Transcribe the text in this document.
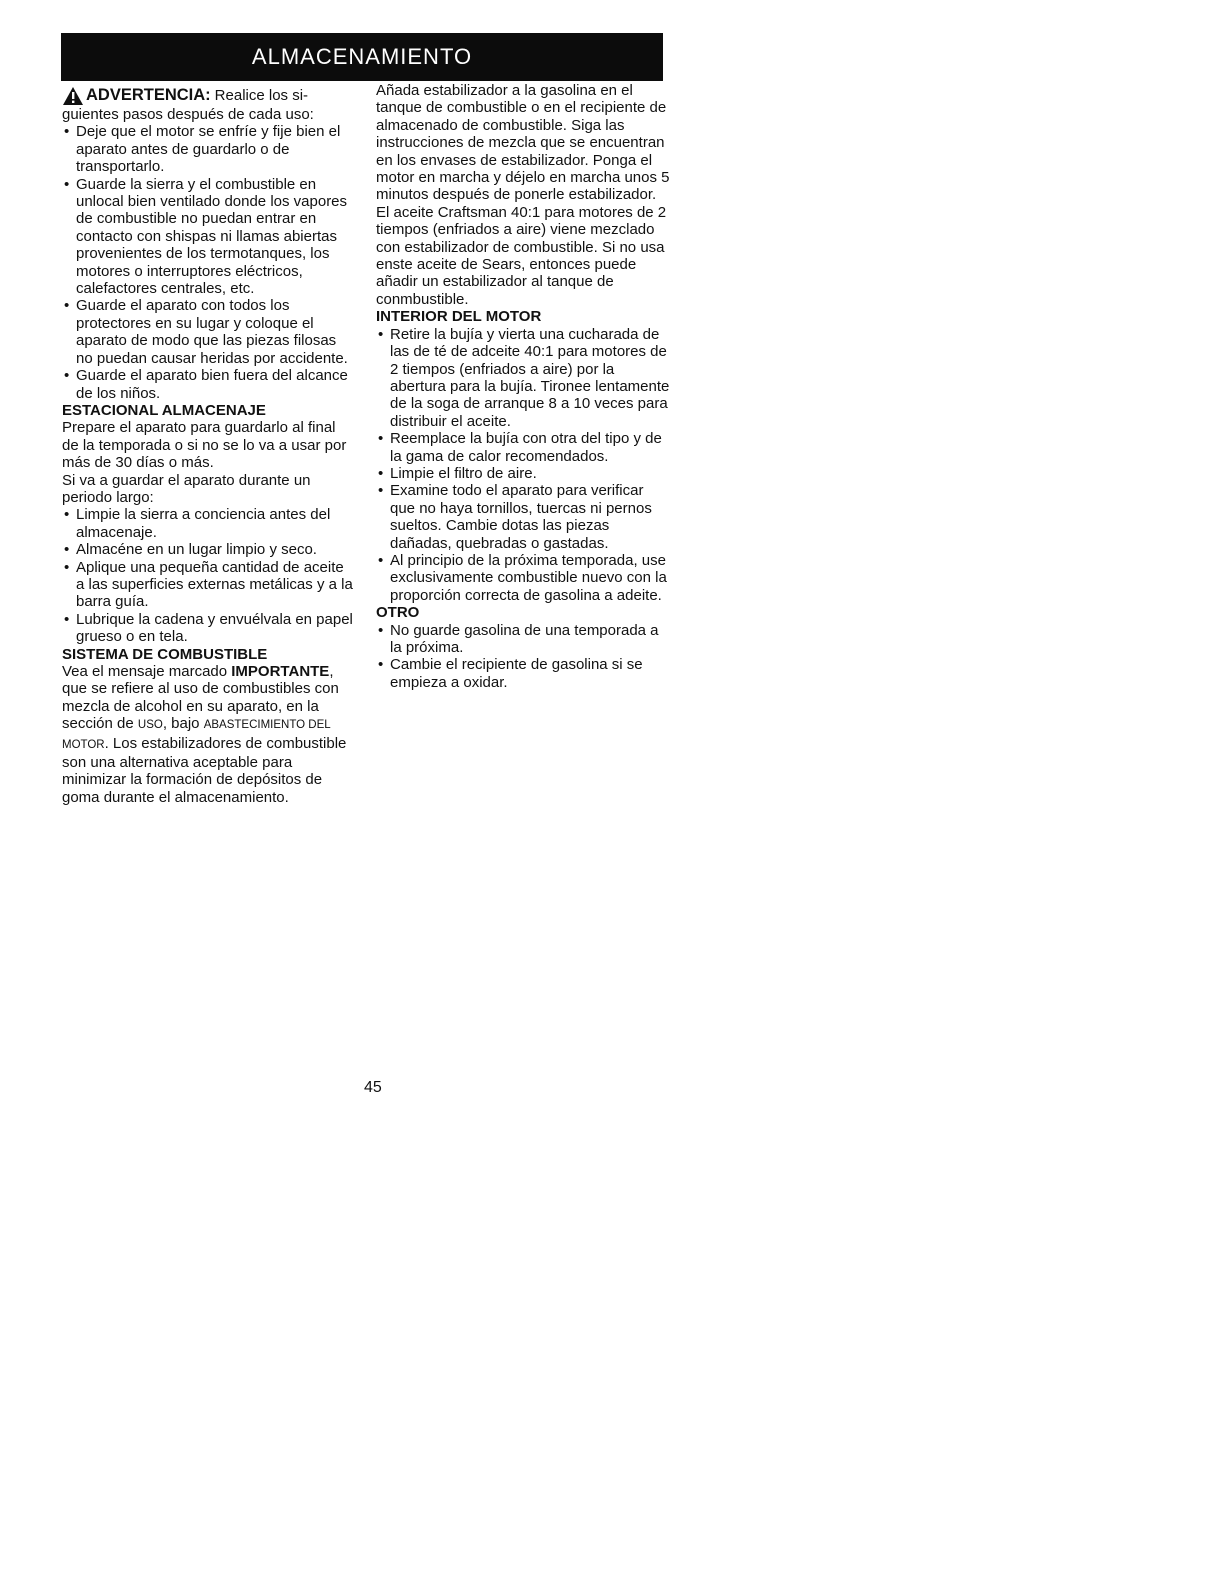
ALMACENAMIENTO
ADVERTENCIA: Realice los si-

guientes pasos después de cada uso:

• Deje que el motor se enfríe y fije bien el aparato antes de guardarlo o de transportarlo.
• Guarde la sierra y el combustible en unlocal bien ventilado donde los vapores de combustible no puedan entrar en contacto con shispas ni llamas abiertas provenientes de los termotanques, los motores o interruptores eléctricos, calefactores centrales, etc.
• Guarde el aparato con todos los protectores en su lugar y coloque el aparato de modo que las piezas filosas no puedan causar heridas por accidente.
• Guarde el aparato bien fuera del alcance de los niños.

ESTACIONAL ALMACENAJE

Prepare el aparato para guardarlo al final de la temporada o si no se lo va a usar por más de 30 días o más.

Si va a guardar el aparato durante un periodo largo:

• Limpie la sierra a conciencia antes del almacenaje.
• Almacéne en un lugar limpio y seco.
• Aplique una pequeña cantidad de aceite a las superficies externas metálicas y a la barra guía.
• Lubrique la cadena y envuélvala en papel grueso o en tela.

SISTEMA DE COMBUSTIBLE

Vea el mensaje marcado IMPORTANTE, que se refiere al uso de combustibles con mezcla de alcohol en su aparato, en la sección de USO, bajo ABASTECIMIENTO DEL MOTOR. Los estabilizadores de combustible son una alternativa aceptable para minimizar la formación de depósitos de goma durante el almacenamiento.

Añada estabilizador a la gasolina en el tanque de combustible o en el recipiente de almacenado de combustible. Siga las instrucciones de mezcla que se encuentran en los envases de estabilizador. Ponga el motor en marcha y déjelo en marcha unos 5 minutos después de ponerle estabilizador.

El aceite Craftsman 40:1 para motores de 2 tiempos (enfriados a aire) viene mezclado con estabilizador de combustible. Si no usa enste aceite de Sears, entonces puede añadir un estabilizador al tanque de conmbustible.

INTERIOR DEL MOTOR

• Retire la bujía y vierta una cucharada de las de té de adceite 40:1 para motores de 2 tiempos (enfriados a aire) por la abertura para la bujía. Tironee lentamente de la soga de arranque 8 a 10 veces para distribuir el aceite.
• Reemplace la bujía con otra del tipo y de la gama de calor recomendados.
• Limpie el filtro de aire.
• Examine todo el aparato para verificar que no haya tornillos, tuercas ni pernos sueltos. Cambie dotas las piezas dañadas, quebradas o gastadas.
• Al principio de la próxima temporada, use exclusivamente combustible nuevo con la proporción correcta de gasolina a adeite.

OTRO

• No guarde gasolina de una temporada a la próxima.
• Cambie el recipiente de gasolina si se empieza a oxidar.
45
